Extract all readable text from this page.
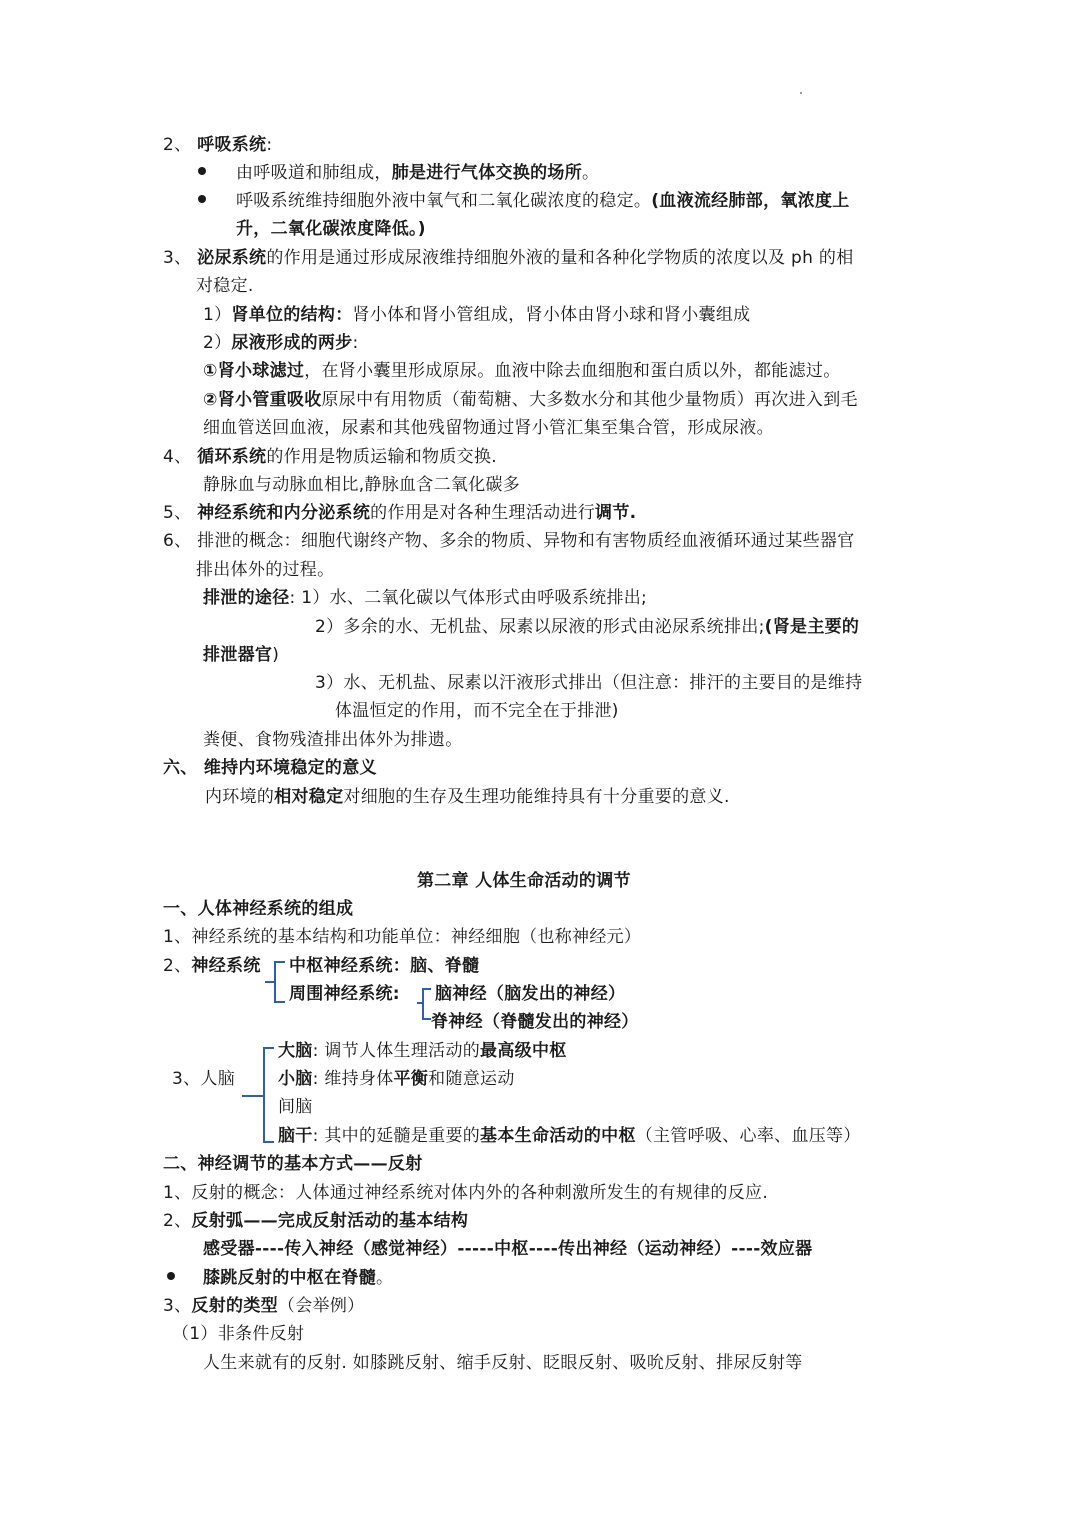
2、 呼吸系统:
由呼吸道和肺组成，肺是进行气体交换的场所。
呼吸系统维持细胞外液中氧气和二氧化碳浓度的稳定。(血液流经肺部，氧浓度上
升，二氧化碳浓度降低。)
3、 泌尿系统的作用是通过形成尿液维持细胞外液的量和各种化学物质的浓度以及 ph 的相
对稳定.
1）肾单位的结构：肾小体和肾小管组成，肾小体由肾小球和肾小囊组成
2）尿液形成的两步:
①肾小球滤过，在肾小囊里形成原尿。血液中除去血细胞和蛋白质以外，都能滤过。
②肾小管重吸收原尿中有用物质（葡萄糖、大多数水分和其他少量物质）再次进入到毛
细血管送回血液，尿素和其他残留物通过肾小管汇集至集合管，形成尿液。
4、 循环系统的作用是物质运输和物质交换.
静脉血与动脉血相比,静脉血含二氧化碳多
5、 神经系统和内分泌系统的作用是对各种生理活动进行调节.
6、 排泄的概念：细胞代谢终产物、多余的物质、异物和有害物质经血液循环通过某些器官
排出体外的过程。
排泄的途径: 1）水、二氧化碳以气体形式由呼吸系统排出;
2）多余的水、无机盐、尿素以尿液的形式由泌尿系统排出;(肾是主要的
排泄器官)
3）水、无机盐、尿素以汗液形式排出（但注意：排汗的主要目的是维持
体温恒定的作用，而不完全在于排泄)
粪便、食物残渣排出体外为排遗。
六、 维持内环境稳定的意义
内环境的相对稳定对细胞的生存及生理功能维持具有十分重要的意义.
第二章 人体生命活动的调节
一、人体神经系统的组成
1、神经系统的基本结构和功能单位：神经细胞（也称神经元）
2、神经系统 中枢神经系统：脑、脊髓
周围神经系统: 脑神经（脑发出的神经）
脊神经（脊髓发出的神经）
3、人脑
大脑: 调节人体生理活动的最高级中枢
小脑: 维持身体平衡和随意运动
间脑
脑干: 其中的延髓是重要的基本生命活动的中枢（主管呼吸、心率、血压等）
二、神经调节的基本方式——反射
1、反射的概念：人体通过神经系统对体内外的各种刺激所发生的有规律的反应.
2、反射弧——完成反射活动的基本结构
感受器----传入神经（感觉神经）-----中枢----传出神经（运动神经）----效应器
膝跳反射的中枢在脊髓。
3、反射的类型（会举例）
（1）非条件反射
人生来就有的反射. 如膝跳反射、缩手反射、眨眼反射、吸吮反射、排尿反射等
